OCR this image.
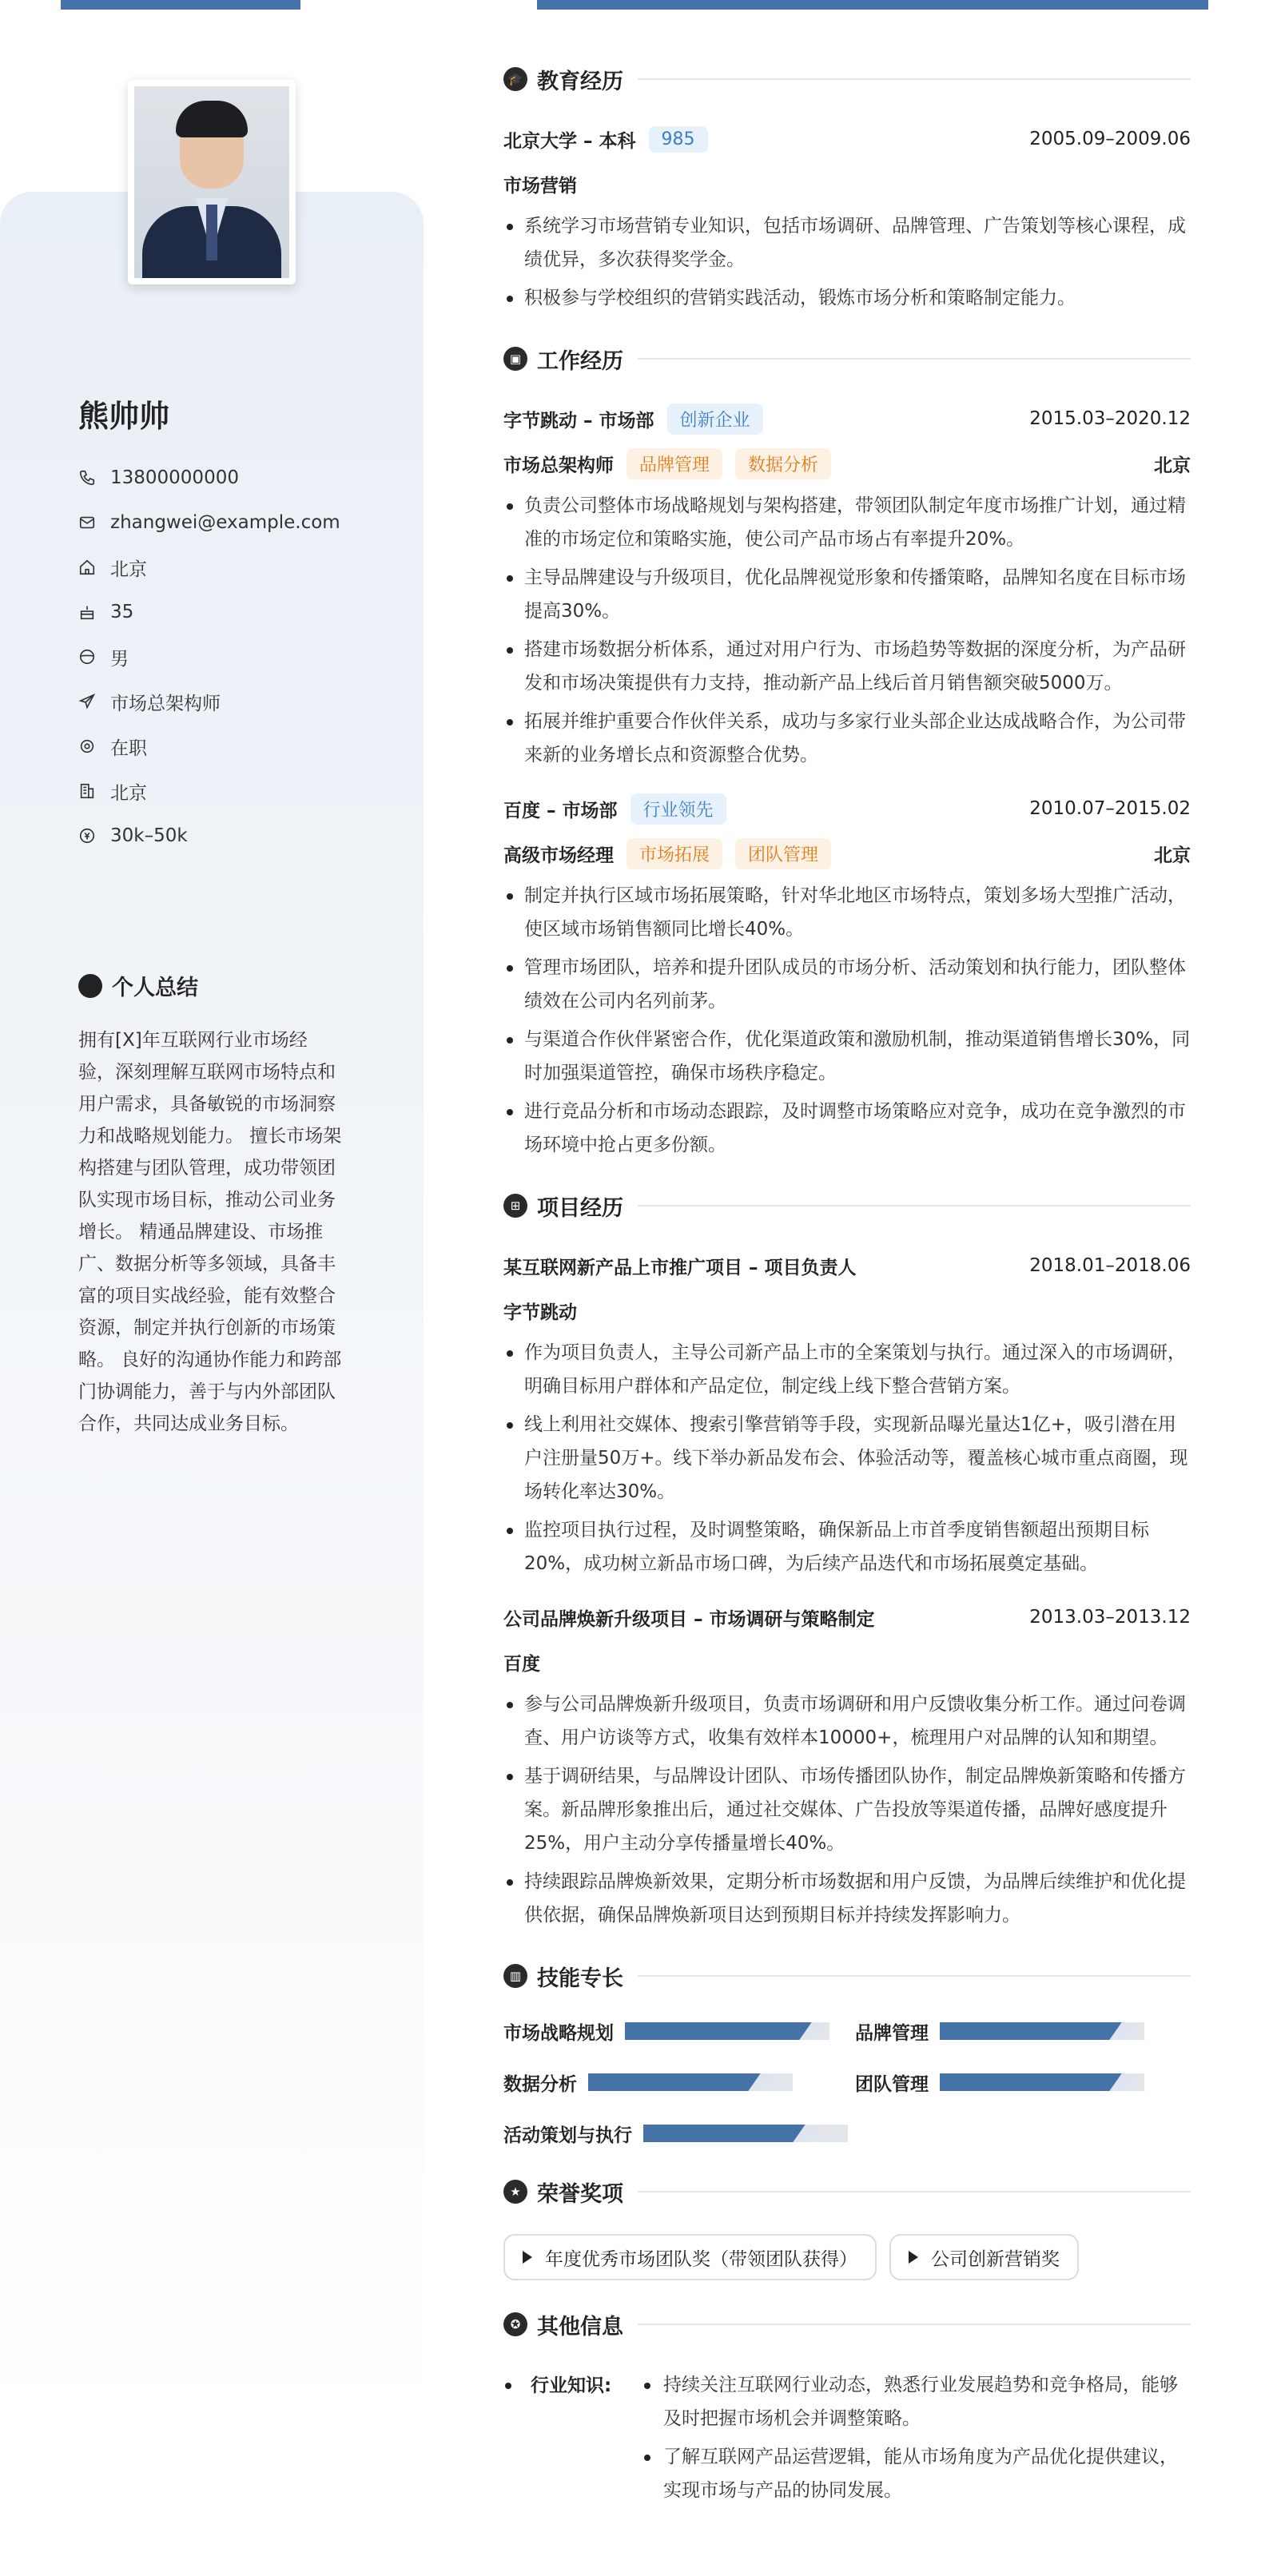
熊帅帅
13800000000
zhangwei@example.com
北京
35
男
市场总架构师
在职
北京
30k–50k
个人总结
拥有[X]年互联网行业市场经验，深刻理解互联网市场特点和用户需求，具备敏锐的市场洞察力和战略规划能力。 擅长市场架构搭建与团队管理，成功带领团队实现市场目标，推动公司业务增长。 精通品牌建设、市场推广、数据分析等多领域，具备丰富的项目实战经验，能有效整合资源，制定并执行创新的市场策略。 良好的沟通协作能力和跨部门协调能力，善于与内外部团队合作，共同达成业务目标。
🎓 教育经历
北京大学 – 本科	985	2005.09–2009.06
市场营销
系统学习市场营销专业知识，包括市场调研、品牌管理、广告策划等核心课程，成绩优异，多次获得奖学金。
积极参与学校组织的营销实践活动，锻炼市场分析和策略制定能力。
▣ 工作经历
字节跳动 – 市场部	创新企业	2015.03–2020.12
市场总架构师	品牌管理	数据分析	北京
负责公司整体市场战略规划与架构搭建，带领团队制定年度市场推广计划，通过精准的市场定位和策略实施，使公司产品市场占有率提升20%。
主导品牌建设与升级项目，优化品牌视觉形象和传播策略，品牌知名度在目标市场提高30%。
搭建市场数据分析体系，通过对用户行为、市场趋势等数据的深度分析，为产品研发和市场决策提供有力支持，推动新产品上线后首月销售额突破5000万。
拓展并维护重要合作伙伴关系，成功与多家行业头部企业达成战略合作，为公司带来新的业务增长点和资源整合优势。
百度 – 市场部	行业领先	2010.07–2015.02
高级市场经理	市场拓展	团队管理	北京
制定并执行区域市场拓展策略，针对华北地区市场特点，策划多场大型推广活动，使区域市场销售额同比增长40%。
管理市场团队，培养和提升团队成员的市场分析、活动策划和执行能力，团队整体绩效在公司内名列前茅。
与渠道合作伙伴紧密合作，优化渠道政策和激励机制，推动渠道销售增长30%，同时加强渠道管控，确保市场秩序稳定。
进行竞品分析和市场动态跟踪，及时调整市场策略应对竞争，成功在竞争激烈的市场环境中抢占更多份额。
⊞ 项目经历
某互联网新产品上市推广项目 – 项目负责人	2018.01–2018.06
字节跳动
作为项目负责人，主导公司新产品上市的全案策划与执行。通过深入的市场调研，明确目标用户群体和产品定位，制定线上线下整合营销方案。
线上利用社交媒体、搜索引擎营销等手段，实现新品曝光量达1亿+，吸引潜在用户注册量50万+。线下举办新品发布会、体验活动等，覆盖核心城市重点商圈，现场转化率达30%。
监控项目执行过程，及时调整策略，确保新品上市首季度销售额超出预期目标20%，成功树立新品市场口碑，为后续产品迭代和市场拓展奠定基础。
公司品牌焕新升级项目 – 市场调研与策略制定	2013.03–2013.12
百度
参与公司品牌焕新升级项目，负责市场调研和用户反馈收集分析工作。通过问卷调查、用户访谈等方式，收集有效样本10000+，梳理用户对品牌的认知和期望。
基于调研结果，与品牌设计团队、市场传播团队协作，制定品牌焕新策略和传播方案。新品牌形象推出后，通过社交媒体、广告投放等渠道传播，品牌好感度提升25%，用户主动分享传播量增长40%。
持续跟踪品牌焕新效果，定期分析市场数据和用户反馈，为品牌后续维护和优化提供依据，确保品牌焕新项目达到预期目标并持续发挥影响力。
▥ 技能专长
市场战略规划	品牌管理
数据分析	团队管理
活动策划与执行
★ 荣誉奖项
年度优秀市场团队奖（带领团队获得）	公司创新营销奖
✪ 其他信息
行业知识:	持续关注互联网行业动态，熟悉行业发展趋势和竞争格局，能够及时把握市场机会并调整策略。
了解互联网产品运营逻辑，能从市场角度为产品优化提供建议，实现市场与产品的协同发展。
